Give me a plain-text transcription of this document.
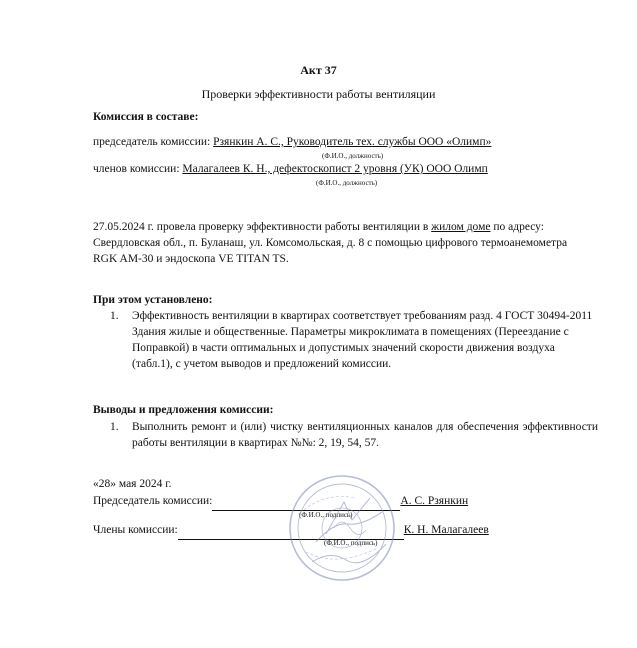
Акт 37
Проверки эффективности работы вентиляции
Комиссия в составе:
председатель комиссии: Рзянкин А. С., Руководитель тех. службы ООО «Олимп»
(Ф.И.О., должность)
членов комиссии: Малагалеев К. Н., дефектоскопист 2 уровня (УК) ООО Олимп
(Ф.И.О., должность)
27.05.2024 г. провела проверку эффективности работы вентиляции в жилом доме по адресу: Свердловская обл., п. Буланаш, ул. Комсомольская, д. 8 с помощью цифрового термоанемометра RGK AM-30 и эндоскопа VE TITAN TS.
При этом установлено:
1. Эффективность вентиляции в квартирах соответствует требованиям разд. 4 ГОСТ 30494-2011 Здания жилые и общественные. Параметры микроклимата в помещениях (Переездание с Поправкой) в части оптимальных и допустимых значений скорости движения воздуха (табл.1), с учетом выводов и предложений комиссии.
Выводы и предложения комиссии:
1. Выполнить ремонт и (или) чистку вентиляционных каналов для обеспечения эффективности работы вентиляции в квартирах №№: 2, 19, 54, 57.
«28» мая 2024 г.
Председатель комиссии:	А. С. Рзянкин
(Ф.И.О., подпись)
Члены комиссии:	К. Н. Малагалеев
(Ф.И.О., подпись)
